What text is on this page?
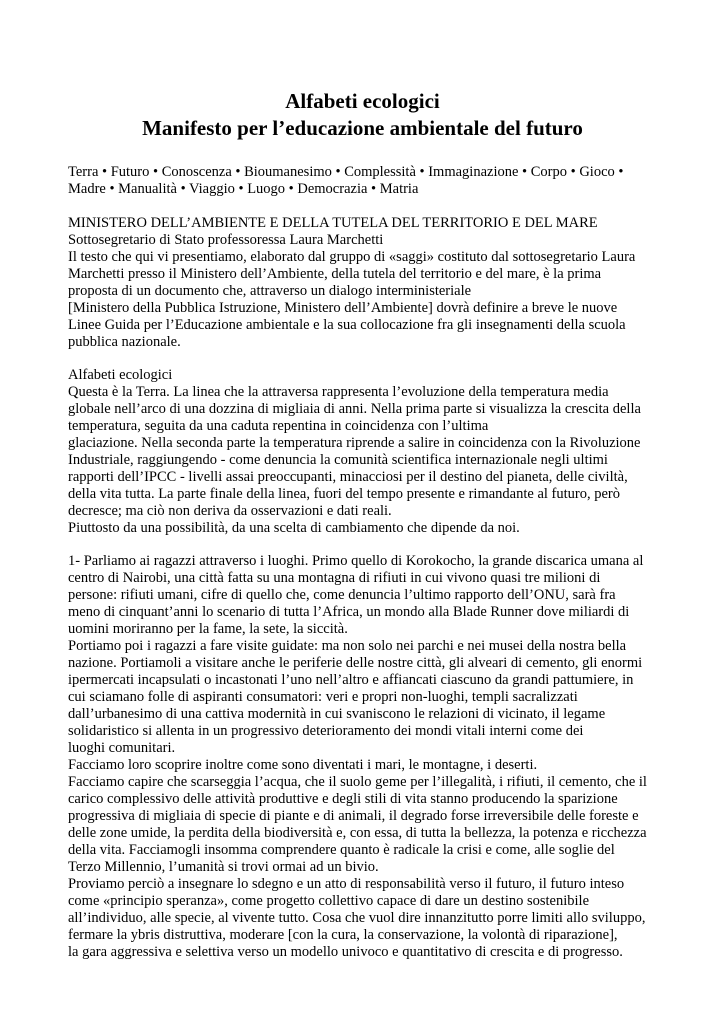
Alfabeti ecologici
Manifesto per l’educazione ambientale del futuro
Terra • Futuro • Conoscenza • Bioumanesimo • Complessità • Immaginazione • Corpo • Gioco •
Madre • Manualità • Viaggio • Luogo • Democrazia • Matria
MINISTERO DELL’AMBIENTE E DELLA TUTELA DEL TERRITORIO E DEL MARE
Sottosegretario di Stato professoressa Laura Marchetti
Il testo che qui vi presentiamo, elaborato dal gruppo di «saggi» costituto dal sottosegretario Laura
Marchetti presso il Ministero dell’Ambiente, della tutela del territorio e del mare, è la prima
proposta di un documento che, attraverso un dialogo interministeriale
[Ministero della Pubblica Istruzione, Ministero dell’Ambiente] dovrà definire a breve le nuove
Linee Guida per l’Educazione ambientale e la sua collocazione fra gli insegnamenti della scuola
pubblica nazionale.
Alfabeti ecologici
Questa è la Terra. La linea che la attraversa rappresenta l’evoluzione della temperatura media
globale nell’arco di una dozzina di migliaia di anni. Nella prima parte si visualizza la crescita della
temperatura, seguita da una caduta repentina in coincidenza con l’ultima
glaciazione. Nella seconda parte la temperatura riprende a salire in coincidenza con la Rivoluzione
Industriale, raggiungendo - come denuncia la comunità scientifica internazionale negli ultimi
rapporti dell’IPCC - livelli assai preoccupanti, minacciosi per il destino del pianeta, delle civiltà,
della vita tutta. La parte finale della linea, fuori del tempo presente e rimandante al futuro, però
decresce; ma ciò non deriva da osservazioni e dati reali.
Piuttosto da una possibilità, da una scelta di cambiamento che dipende da noi.
1- Parliamo ai ragazzi attraverso i luoghi. Primo quello di Korokocho, la grande discarica umana al
centro di Nairobi, una città fatta su una montagna di rifiuti in cui vivono quasi tre milioni di
persone: rifiuti umani, cifre di quello che, come denuncia l’ultimo rapporto dell’ONU, sarà fra
meno di cinquant’anni lo scenario di tutta l’Africa, un mondo alla Blade Runner dove miliardi di
uomini moriranno per la fame, la sete, la siccità.
Portiamo poi i ragazzi a fare visite guidate: ma non solo nei parchi e nei musei della nostra bella
nazione. Portiamoli a visitare anche le periferie delle nostre città, gli alveari di cemento, gli enormi
ipermercati incapsulati o incastonati l’uno nell’altro e affiancati ciascuno da grandi pattumiere, in
cui sciamano folle di aspiranti consumatori: veri e propri non-luoghi, templi sacralizzati
dall’urbanesimo di una cattiva modernità in cui svaniscono le relazioni di vicinato, il legame
solidaristico si allenta in un progressivo deterioramento dei mondi vitali interni come dei
luoghi comunitari.
Facciamo loro scoprire inoltre come sono diventati i mari, le montagne, i deserti.
Facciamo capire che scarseggia l’acqua, che il suolo geme per l’illegalità, i rifiuti, il cemento, che il
carico complessivo delle attività produttive e degli stili di vita stanno producendo la sparizione
progressiva di migliaia di specie di piante e di animali, il degrado forse irreversibile delle foreste e
delle zone umide, la perdita della biodiversità e, con essa, di tutta la bellezza, la potenza e ricchezza
della vita. Facciamogli insomma comprendere quanto è radicale la crisi e come, alle soglie del
Terzo Millennio, l’umanità si trovi ormai ad un bivio.
Proviamo perciò a insegnare lo sdegno e un atto di responsabilità verso il futuro, il futuro inteso
come «principio speranza», come progetto collettivo capace di dare un destino sostenibile
all’individuo, alle specie, al vivente tutto. Cosa che vuol dire innanzitutto porre limiti allo sviluppo,
fermare la ybris distruttiva, moderare [con la cura, la conservazione, la volontà di riparazione],
la gara aggressiva e selettiva verso un modello univoco e quantitativo di crescita e di progresso.
